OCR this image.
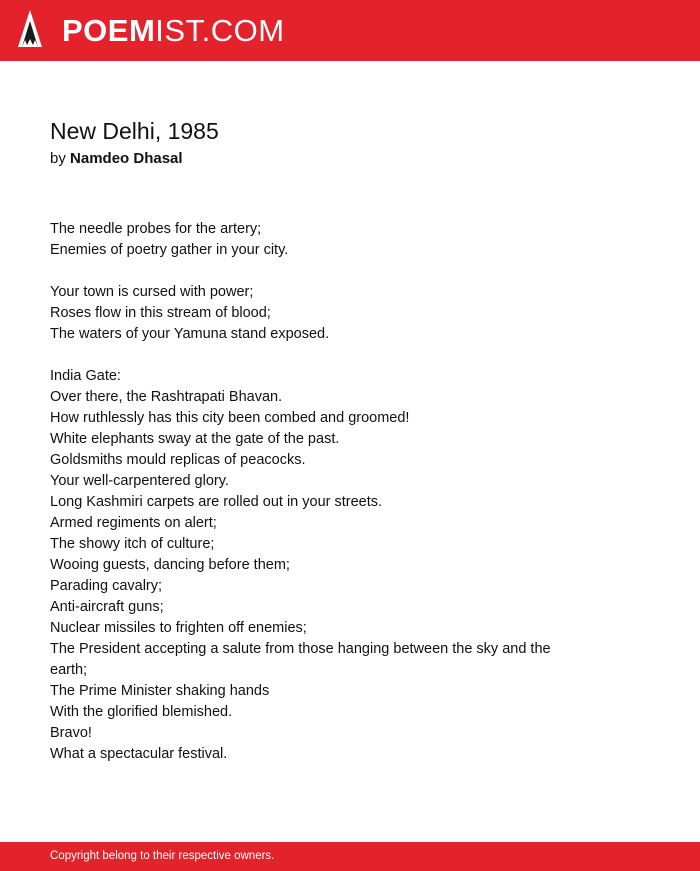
POEMIST.COM
New Delhi, 1985
by Namdeo Dhasal
The needle probes for the artery;
Enemies of poetry gather in your city.
Your town is cursed with power;
Roses flow in this stream of blood;
The waters of your Yamuna stand exposed.
India Gate:
Over there, the Rashtrapati Bhavan.
How ruthlessly has this city been combed and groomed!
White elephants sway at the gate of the past.
Goldsmiths mould replicas of peacocks.
Your well-carpentered glory.
Long Kashmiri carpets are rolled out in your streets.
Armed regiments on alert;
The showy itch of culture;
Wooing guests, dancing before them;
Parading cavalry;
Anti-aircraft guns;
Nuclear missiles to frighten off enemies;
The President accepting a salute from those hanging between the sky and the
earth;
The Prime Minister shaking hands
With the glorified blemished.
Bravo!
What a spectacular festival.
Copyright belong to their respective owners.
